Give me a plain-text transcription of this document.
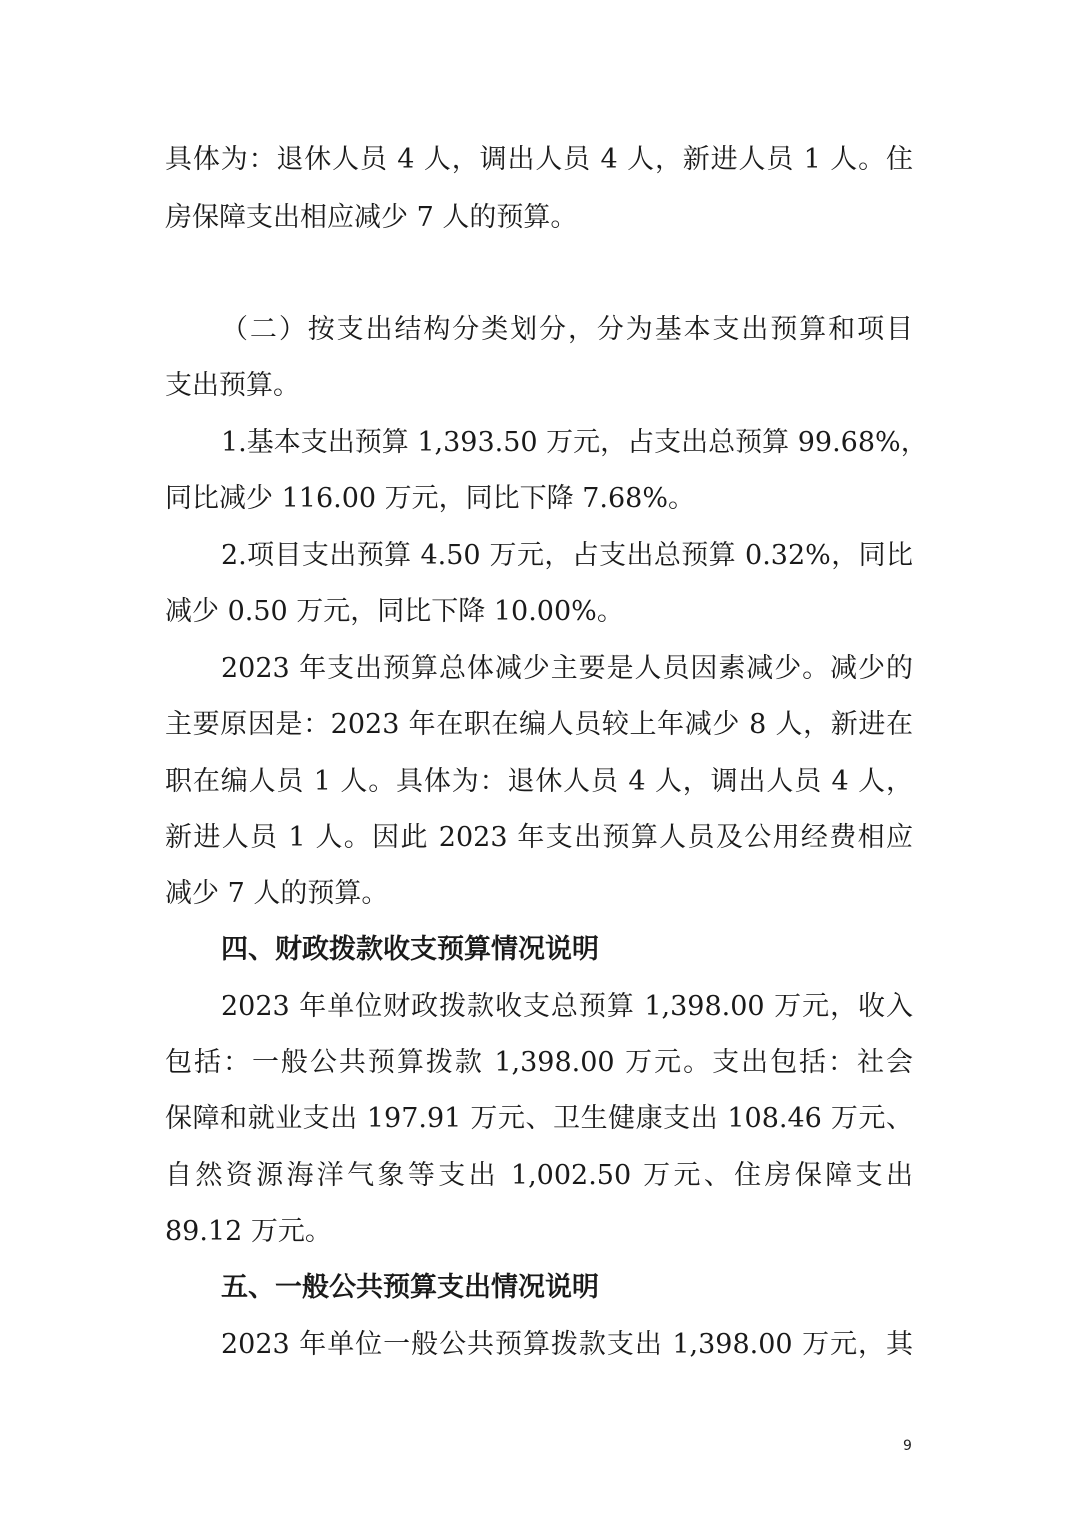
具体为：退休人员 4 人，调出人员 4 人，新进人员 1 人。住
房保障支出相应减少 7 人的预算。
（二）按支出结构分类划分，分为基本支出预算和项目
支出预算。
1.基本支出预算 1,393.50 万元，占支出总预算 99.68%，
同比减少 116.00 万元，同比下降 7.68%。
2.项目支出预算 4.50 万元，占支出总预算 0.32%，同比
减少 0.50 万元，同比下降 10.00%。
2023 年支出预算总体减少主要是人员因素减少。减少的
主要原因是：2023 年在职在编人员较上年减少 8 人，新进在
职在编人员 1 人。具体为：退休人员 4 人，调出人员 4 人，
新进人员 1 人。因此 2023 年支出预算人员及公用经费相应
减少 7 人的预算。
四、财政拨款收支预算情况说明
2023 年单位财政拨款收支总预算 1,398.00 万元，收入
包括：一般公共预算拨款 1,398.00 万元。支出包括：社会
保障和就业支出 197.91 万元、卫生健康支出 108.46 万元、
自然资源海洋气象等支出 1,002.50 万元、住房保障支出
89.12 万元。
五、一般公共预算支出情况说明
2023 年单位一般公共预算拨款支出 1,398.00 万元，其
9
